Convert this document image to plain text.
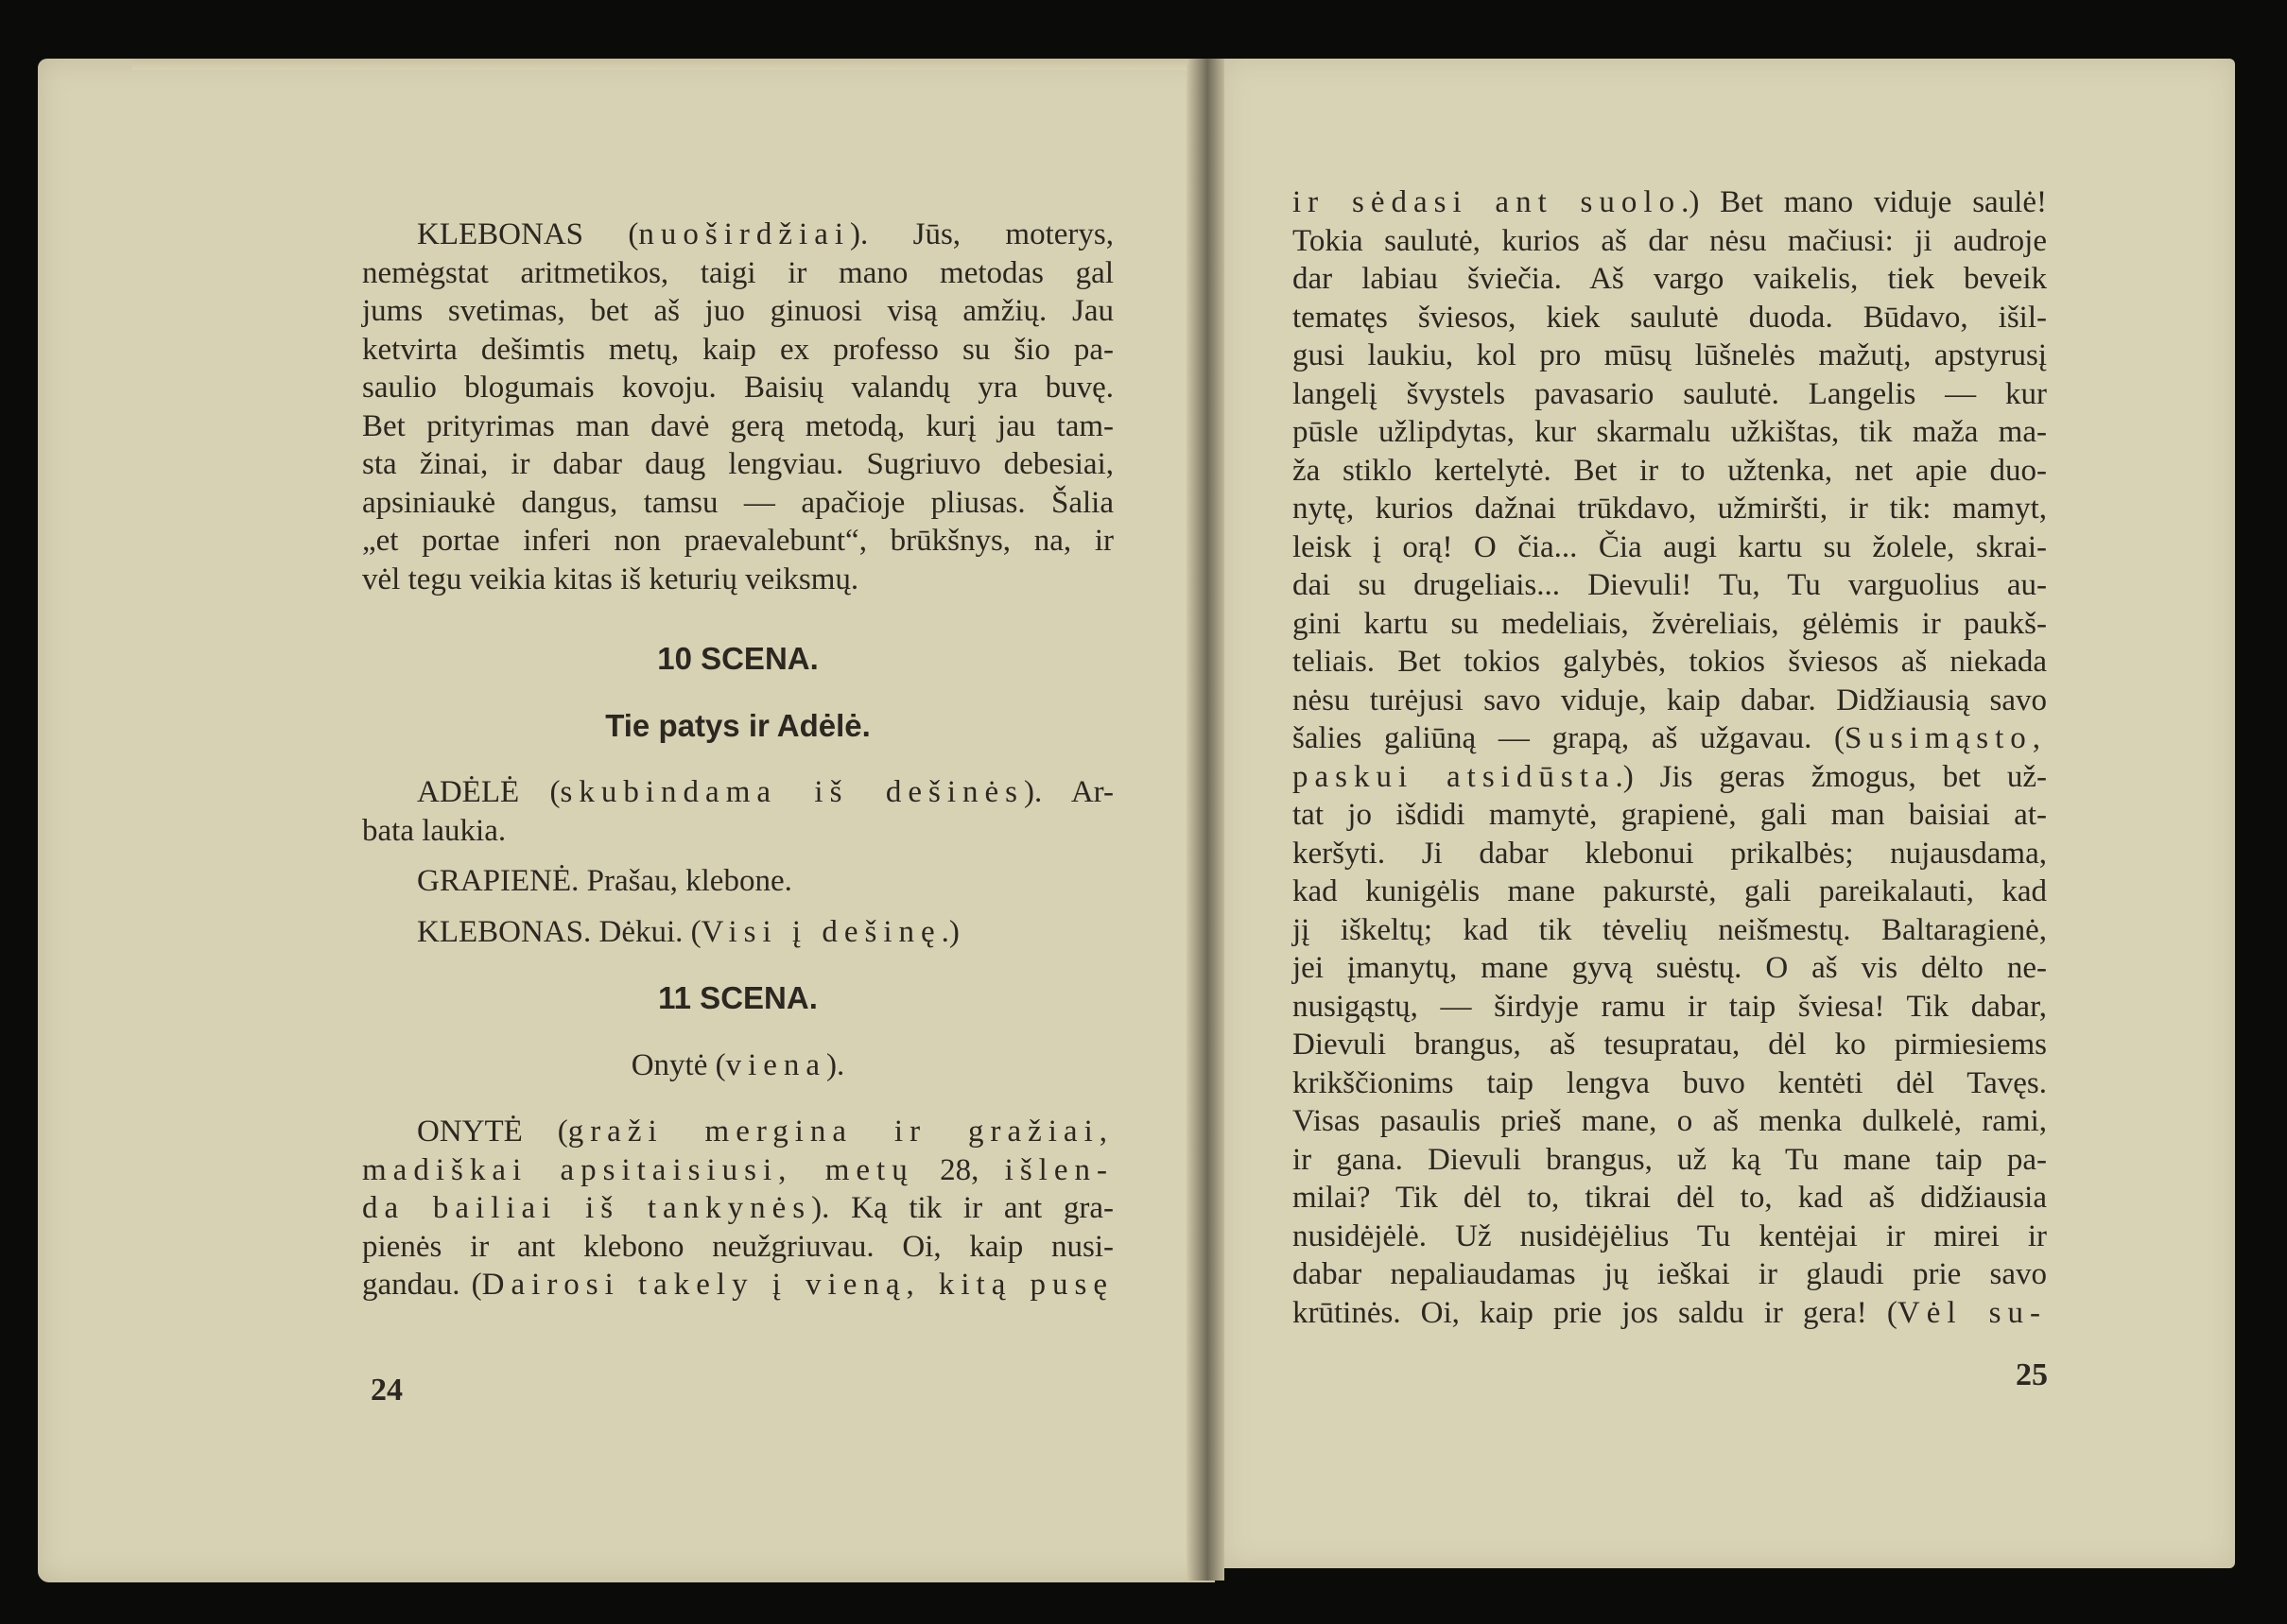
KLEBONAS (nuoširdžiai). Jūs, moterys,
nemėgstat aritmetikos, taigi ir mano metodas gal
jums svetimas, bet aš juo ginuosi visą amžių. Jau
ketvirta dešimtis metų, kaip ex professo su šio pa-
saulio blogumais kovoju. Baisių valandų yra buvę.
Bet prityrimas man davė gerą metodą, kurį jau tam-
sta žinai, ir dabar daug lengviau. Sugriuvo debesiai,
apsiniaukė dangus, tamsu — apačioje pliusas. Šalia
„et portae inferi non praevalebunt“, brūkšnys, na, ir
vėl tegu veikia kitas iš keturių veiksmų.
10 SCENA.
Tie patys ir Adėlė.
ADĖLĖ (skubindama iš dešinės). Ar-
bata laukia.
GRAPIENĖ. Prašau, klebone.
KLEBONAS. Dėkui. (Visi į dešinę.)
11 SCENA.
Onytė (viena).
ONYTĖ (graži mergina ir gražiai,
madiškai apsitaisiusi, metų 28, išlen-
da bailiai iš tankynės). Ką tik ir ant gra-
pienės ir ant klebono neužgriuvau. Oi, kaip nusi-
gandau. (Dairosi takely į vieną, kitą pusę
ir sėdasi ant suolo.) Bet mano viduje saulė!
Tokia saulutė, kurios aš dar nėsu mačiusi: ji audroje
dar labiau šviečia. Aš vargo vaikelis, tiek beveik
tematęs šviesos, kiek saulutė duoda. Būdavo, išil-
gusi laukiu, kol pro mūsų lūšnelės mažutį, apstyrusį
langelį švystels pavasario saulutė. Langelis — kur
pūsle užlipdytas, kur skarmalu užkištas, tik maža ma-
ža stiklo kertelytė. Bet ir to užtenka, net apie duo-
nytę, kurios dažnai trūkdavo, užmiršti, ir tik: mamyt,
leisk į orą! O čia... Čia augi kartu su žolele, skrai-
dai su drugeliais... Dievuli! Tu, Tu varguolius au-
gini kartu su medeliais, žvėreliais, gėlėmis ir paukš-
teliais. Bet tokios galybės, tokios šviesos aš niekada
nėsu turėjusi savo viduje, kaip dabar. Didžiausią savo
šalies galiūną — grapą, aš užgavau. (Susimąsto,
paskui atsidūsta.) Jis geras žmogus, bet už-
tat jo išdidi mamytė, grapienė, gali man baisiai at-
keršyti. Ji dabar klebonui prikalbės; nujausdama,
kad kunigėlis mane pakurstė, gali pareikalauti, kad
jį iškeltų; kad tik tėvelių neišmestų. Baltaragienė,
jei įmanytų, mane gyvą suėstų. O aš vis dėlto ne-
nusigąstų, — širdyje ramu ir taip šviesa! Tik dabar,
Dievuli brangus, aš tesupratau, dėl ko pirmiesiems
krikščionims taip lengva buvo kentėti dėl Tavęs.
Visas pasaulis prieš mane, o aš menka dulkelė, rami,
ir gana. Dievuli brangus, už ką Tu mane taip pa-
milai? Tik dėl to, tikrai dėl to, kad aš didžiausia
nusidėjėlė. Už nusidėjėlius Tu kentėjai ir mirei ir
dabar nepaliaudamas jų ieškai ir glaudi prie savo
krūtinės. Oi, kaip prie jos saldu ir gera! (Vėl su-
24	25
